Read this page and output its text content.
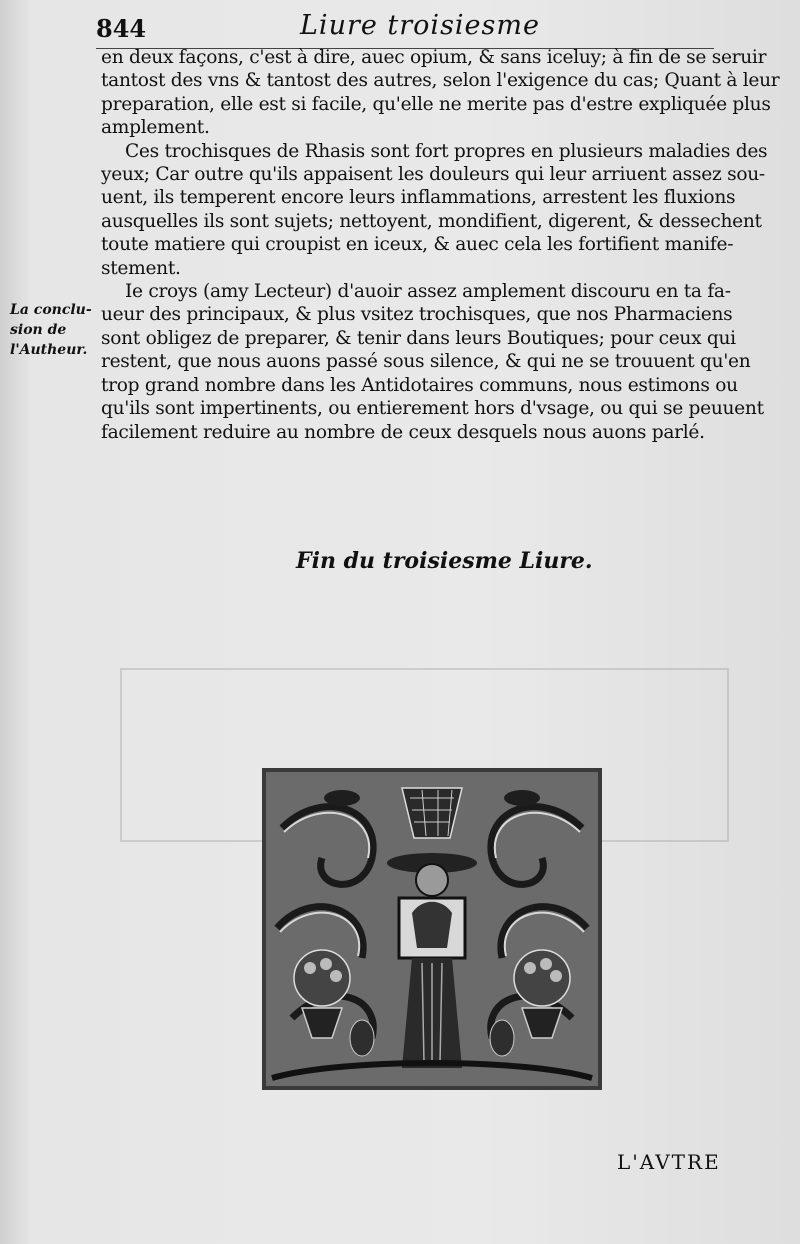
844	Liure troisiesme
en deux façons, c'est à dire, auec opium, & sans iceluy; à fin de se seruir
tantost des vns & tantost des autres, selon l'exigence du cas; Quant à leur
preparation, elle est si facile, qu'elle ne merite pas d'estre expliquée plus
amplement.
Ces trochisques de Rhasis sont fort propres en plusieurs maladies des
yeux; Car outre qu'ils appaisent les douleurs qui leur arriuent assez sou-
uent, ils temperent encore leurs inflammations, arrestent les fluxions
ausquelles ils sont sujets; nettoyent, mondifient, digerent, & dessechent
toute matiere qui croupist en iceux, & auec cela les fortifient manife-
stement.
Ie croys (amy Lecteur) d'auoir assez amplement discouru en ta fa-
ueur des principaux, & plus vsitez trochisques, que nos Pharmaciens
sont obligez de preparer, & tenir dans leurs Boutiques; pour ceux qui
restent, que nous auons passé sous silence, & qui ne se trouuent qu'en
trop grand nombre dans les Antidotaires communs, nous estimons ou
qu'ils sont impertinents, ou entierement hors d'vsage, ou qui se peuuent
facilement reduire au nombre de ceux desquels nous auons parlé.
La conclu-
sion de
l'Autheur.
Fin du troisiesme Liure.
L'AVTRE
